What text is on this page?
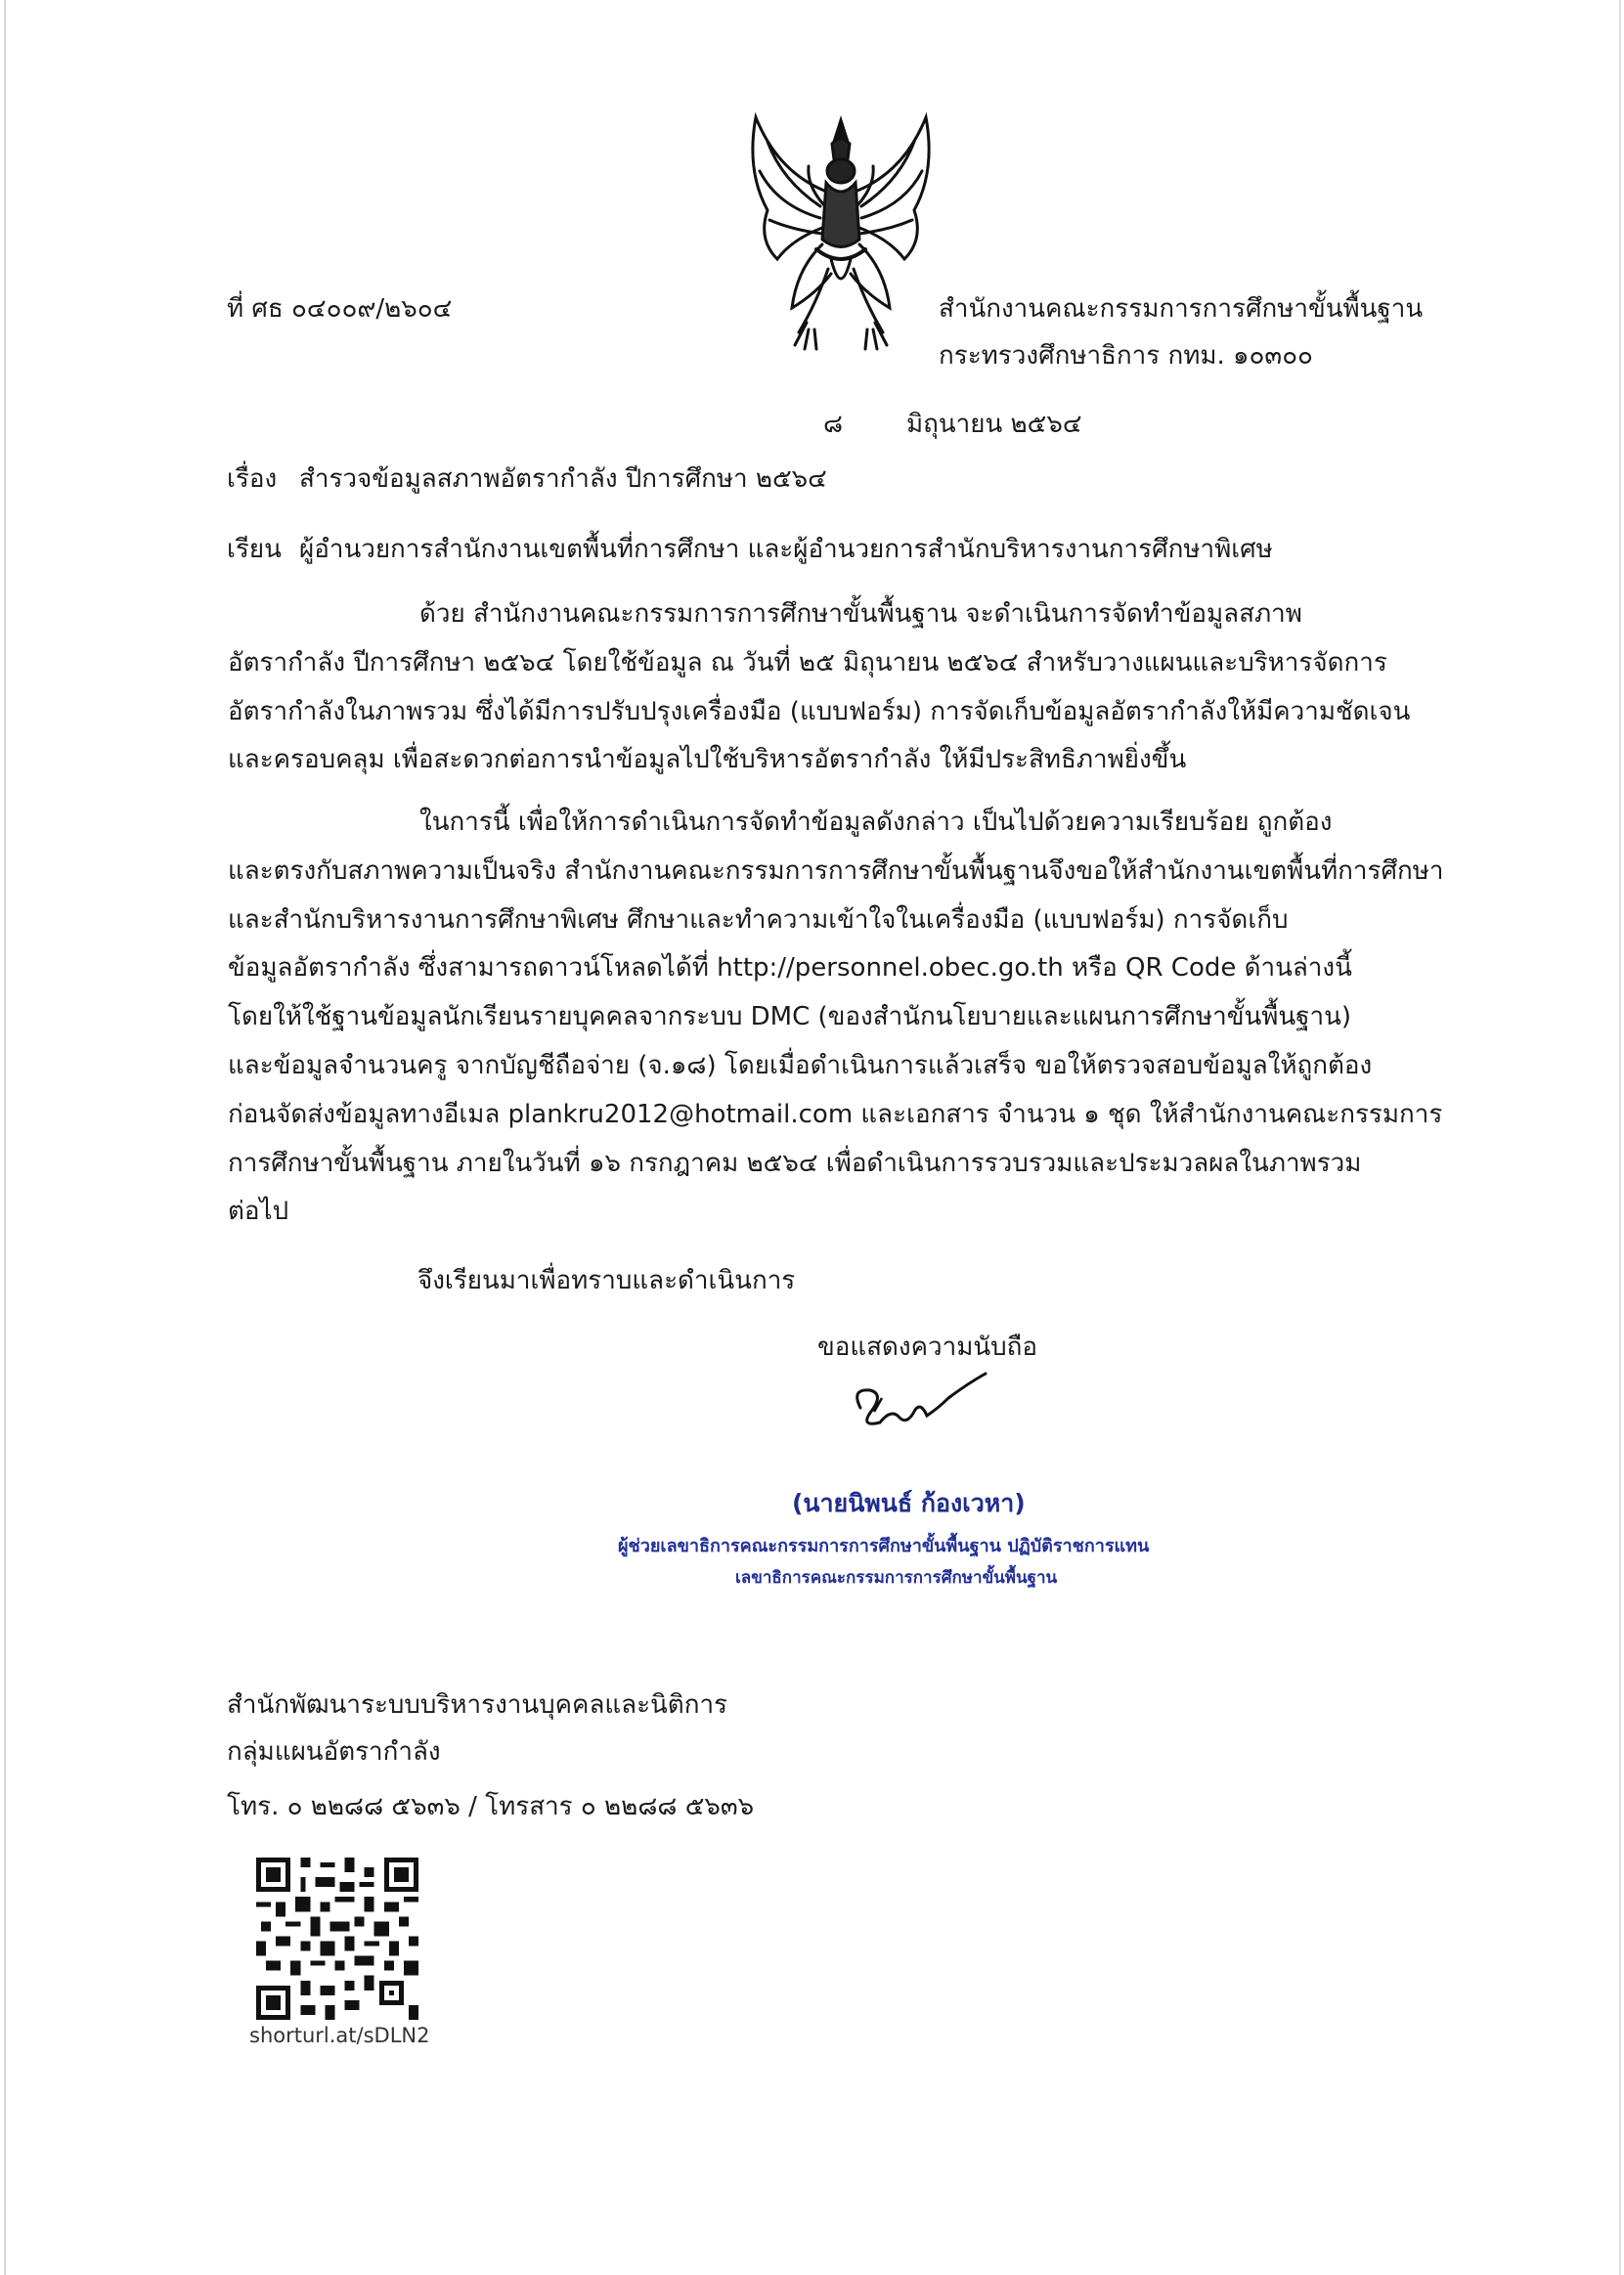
ที่ ศธ ๐๔๐๐๙/๒๖๐๔	สำนักงานคณะกรรมการการศึกษาขั้นพื้นฐาน
กระทรวงศึกษาธิการ กทม. ๑๐๓๐๐
๘ มิถุนายน ๒๕๖๔
เรื่อง สำรวจข้อมูลสภาพอัตรากำลัง ปีการศึกษา ๒๕๖๔
เรียน ผู้อำนวยการสำนักงานเขตพื้นที่การศึกษา และผู้อำนวยการสำนักบริหารงานการศึกษาพิเศษ
ด้วย สำนักงานคณะกรรมการการศึกษาขั้นพื้นฐาน จะดำเนินการจัดทำข้อมูลสภาพ
อัตรากำลัง ปีการศึกษา ๒๕๖๔ โดยใช้ข้อมูล ณ วันที่ ๒๕ มิถุนายน ๒๕๖๔ สำหรับวางแผนและบริหารจัดการ
อัตรากำลังในภาพรวม ซึ่งได้มีการปรับปรุงเครื่องมือ (แบบฟอร์ม) การจัดเก็บข้อมูลอัตรากำลังให้มีความชัดเจน
และครอบคลุม เพื่อสะดวกต่อการนำข้อมูลไปใช้บริหารอัตรากำลัง ให้มีประสิทธิภาพยิ่งขึ้น
ในการนี้ เพื่อให้การดำเนินการจัดทำข้อมูลดังกล่าว เป็นไปด้วยความเรียบร้อย ถูกต้อง
และตรงกับสภาพความเป็นจริง สำนักงานคณะกรรมการการศึกษาขั้นพื้นฐานจึงขอให้สำนักงานเขตพื้นที่การศึกษา
และสำนักบริหารงานการศึกษาพิเศษ ศึกษาและทำความเข้าใจในเครื่องมือ (แบบฟอร์ม) การจัดเก็บ
ข้อมูลอัตรากำลัง ซึ่งสามารถดาวน์โหลดได้ที่ http://personnel.obec.go.th หรือ QR Code ด้านล่างนี้
โดยให้ใช้ฐานข้อมูลนักเรียนรายบุคคลจากระบบ DMC (ของสำนักนโยบายและแผนการศึกษาขั้นพื้นฐาน)
และข้อมูลจำนวนครู จากบัญชีถือจ่าย (จ.๑๘) โดยเมื่อดำเนินการแล้วเสร็จ ขอให้ตรวจสอบข้อมูลให้ถูกต้อง
ก่อนจัดส่งข้อมูลทางอีเมล plankru2012@hotmail.com และเอกสาร จำนวน ๑ ชุด ให้สำนักงานคณะกรรมการ
การศึกษาขั้นพื้นฐาน ภายในวันที่ ๑๖ กรกฎาคม ๒๕๖๔ เพื่อดำเนินการรวบรวมและประมวลผลในภาพรวม
ต่อไป
จึงเรียนมาเพื่อทราบและดำเนินการ
ขอแสดงความนับถือ
(นายนิพนธ์ ก้องเวหา)
ผู้ช่วยเลขาธิการคณะกรรมการการศึกษาขั้นพื้นฐาน ปฏิบัติราชการแทน
เลขาธิการคณะกรรมการการศึกษาขั้นพื้นฐาน
สำนักพัฒนาระบบบริหารงานบุคคลและนิติการ
กลุ่มแผนอัตรากำลัง
โทร. ๐ ๒๒๘๘ ๕๖๓๖ / โทรสาร ๐ ๒๒๘๘ ๕๖๓๖
shorturl.at/sDLN2
